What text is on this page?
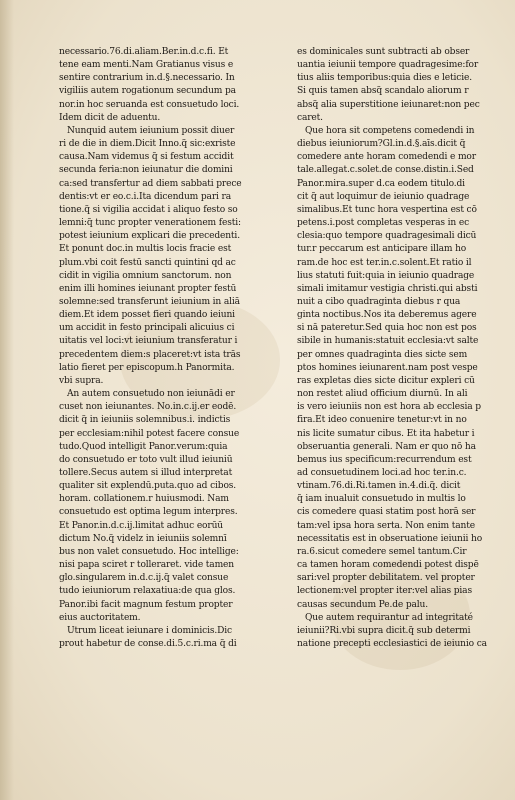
necessario.76.di.aliam.Ber.in.d.c.fi. Et
tene eam menti.Nam Gratianus visus e
sentire contrarium in.d.§.necessario. In
vigiliis autem rogationum secundum pa
nor.in hoc seruanda est consuetudo loci.
Idem dicit de aduentu.
Nunquid autem ieiunium possit diuer
ri de die in diem.Dicit Inno.q̃ sic:exriste
causa.Nam videmus q̃ si festum accidit
secunda feria:non ieiunatur die domini
ca:sed transfertur ad diem sabbati prece
dentis:vt er eo.c.i.Ita dicendum pari ra
tione.q̃ si vigilia accidat i aliquo festo so
lemni:q̃ tunc propter venerationem festi:
potest ieiunium explicari die precedenti.
Et ponunt doc.in multis locis fracie est
plum.vbi coit festū sancti quintini qḋ ac
cidit in vigilia omnium sanctorum. non
enim illi homines ieiunant propter festū
solemne:sed transferunt ieiunium in aliā
diem.Et idem posset fieri quando ieiuni
um accidit in festo principali alicuius ci
uitatis vel loci:vt ieiunium transferatur i
precedentem diem:s placeret:vt ista trās
latio fieret per episcopum.h Panormita.
vbi supra.
An autem consuetudo non ieiunādi er
cuset non ieiunantes. No.in.c.ij.er eodē.
dicit q̃ in ieiuniis solemnibus.i. indictis
per ecclesiam:nihil potest facere consue
tudo.Quod intelligit Panor.verum:quia
do consuetudo er toto vult illud ieiuniū
tollere.Secus autem si illud interpretat
qualiter sit explendū.puta.quo ad cibos.
horam. collationem.r huiusmodi. Nam
consuetudo est optima legum interpres.
Et Panor.in.d.c.ij.limitat adhuc eorūū
dictum No.q̃ videlz in ieiuniis solemnī
bus non valet consuetudo. Hoc intellige:
nisi papa sciret r tolleraret. vide tamen
glo.singularem in.d.c.ij.q̃ valet consue
tudo ieiuniorum relaxatiua:de qua glos.
Panor.ibi facit magnum festum propter
eius auctoritatem.
Utrum liceat ieiunare i dominicis.Dic
prout habetur de conse.di.5.c.ri.ma q̃ di
es dominicales sunt subtracti ab obser
uantia ieiunii tempore quadragesime:for
tius aliis temporibus:quia dies e leticie.
Si quis tamen absq̃ scandalo aliorum r
absq̃ alia superstitione ieiunaret:non pec
caret.
Que hora sit competens comedendi in
diebus ieiuniorum?Gl.in.d.§.aīs.dicit q̃
comedere ante horam comedendi e mor
tale.allegat.c.solet.de conse.distin.i.Sed
Panor.mira.super d.ca eodem titulo.di
cit q̃ aut loquimur de ieiunio quadrage
simalibus.Et tunc hora vespertina est cō
petens.i.post completas vesperas in ec
clesia:quo tempore quadragesimali dicū
tur.r peccarum est anticipare illam ho
ram.de hoc est ter.in.c.solent.Et ratio il
lius statuti fuit:quia in ieiunio quadrage
simali imitamur vestigia christi.qui absti
nuit a cibo quadraginta diebus r qua
ginta noctibus.Nos ita deberemus agere
si nā pateretur.Sed quia hoc non est pos
sibile in humanis:statuit ecclesia:vt salte
per omnes quadraginta dies sicte sem
ptos homines ieiunarent.nam post vespe
ras expletas dies sicte dicitur expleri cū
non restet aliud officium diurnū. In ali
is vero ieiuniis non est hora ab ecclesia p
fira.Et ideo conuenire tenetur:vt in no
nis licite sumatur cibus. Et ita habetur i
obseruantia generali. Nam er quo nō ha
bemus ius specificum:recurrendum est
ad consuetudinem loci.ad hoc ter.in.c.
vtinam.76.di.Ri.tamen in.4.di.q̃. dicit
q̃ iam inualuit consuetudo in multis lo
cis comedere quasi statim post horā ser
tam:vel ipsa hora serta. Non enim tante
necessitatis est in obseruatione ieiunii ho
ra.6.sicut comedere semel tantum.Cir
ca tamen horam comedendi potest dispē
sari:vel propter debilitatem. vel propter
lectionem:vel propter iter:vel alias pias
causas secundum Pe.de palu.
Que autem requirantur ad integritaté
ieiunii?Ri.vbi supra dicit.q̃ sub determi
natione precepti ecclesiastici de ieiunio ca
